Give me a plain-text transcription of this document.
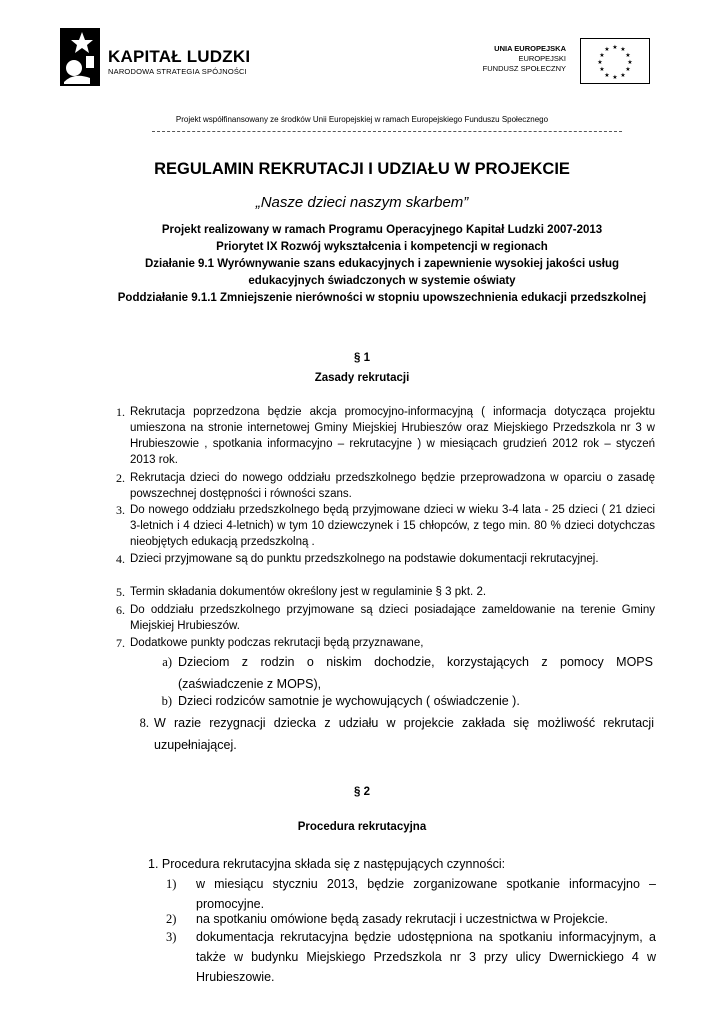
KAPITAŁ LUDZKI
NARODOWA STRATEGIA SPÓJNOŚCI
UNIA EUROPEJSKA
EUROPEJSKI
FUNDUSZ SPOŁECZNY
★ ★
★
★
★
★
★
★
★
★
★
★
Projekt współfinansowany ze środków Unii Europejskiej w ramach Europejskiego Funduszu Społecznego
REGULAMIN REKRUTACJI I UDZIAŁU W PROJEKCIE
„Nasze dzieci naszym skarbem”
Projekt realizowany w ramach Programu Operacyjnego Kapitał Ludzki 2007-2013
Priorytet IX Rozwój wykształcenia i kompetencji w regionach
Działanie 9.1 Wyrównywanie szans edukacyjnych i zapewnienie wysokiej jakości usług
edukacyjnych świadczonych w systemie oświaty
Poddziałanie 9.1.1 Zmniejszenie nierówności w stopniu upowszechnienia edukacji przedszkolnej
§ 1
Zasady rekrutacji
1. Rekrutacja poprzedzona będzie akcja promocyjno-informacyjną ( informacja dotycząca projektu umieszona na stronie internetowej Gminy Miejskiej Hrubieszów oraz Miejskiego Przedszkola nr 3 w Hrubieszowie , spotkania informacyjno – rekrutacyjne ) w miesiącach grudzień 2012 rok – styczeń 2013 rok.
2. Rekrutacja dzieci do nowego oddziału przedszkolnego będzie przeprowadzona w oparciu o zasadę powszechnej dostępności i równości szans.
3. Do nowego oddziału przedszkolnego będą przyjmowane dzieci w wieku 3-4 lata - 25 dzieci ( 21 dzieci 3-letnich i 4 dzieci 4-letnich) w tym 10 dziewczynek i 15 chłopców, z tego min. 80 % dzieci dotychczas nieobjętych edukacją przedszkolną .
4. Dzieci przyjmowane są do punktu przedszkolnego na podstawie dokumentacji rekrutacyjnej.
5. Termin składania dokumentów określony jest w regulaminie § 3 pkt. 2.
6. Do oddziału przedszkolnego przyjmowane są dzieci posiadające zameldowanie na terenie Gminy Miejskiej Hrubieszów.
7. Dodatkowe punkty podczas rekrutacji będą przyznawane,
a) Dzieciom z rodzin o niskim dochodzie, korzystających z pomocy MOPS (zaświadczenie z MOPS),
b) Dzieci rodziców samotnie je wychowujących ( oświadczenie ).
8. W razie rezygnacji dziecka z udziału w projekcie zakłada się możliwość rekrutacji uzupełniającej.
§ 2
Procedura rekrutacyjna
1. Procedura rekrutacyjna składa się z następujących czynności:
1)	w miesiącu styczniu 2013, będzie zorganizowane spotkanie informacyjno – promocyjne.
2)	na spotkaniu omówione będą zasady rekrutacji i uczestnictwa w Projekcie.
3)	dokumentacja rekrutacyjna będzie udostępniona na spotkaniu informacyjnym, a także w budynku Miejskiego Przedszkola nr 3 przy ulicy Dwernickiego 4 w Hrubieszowie.
